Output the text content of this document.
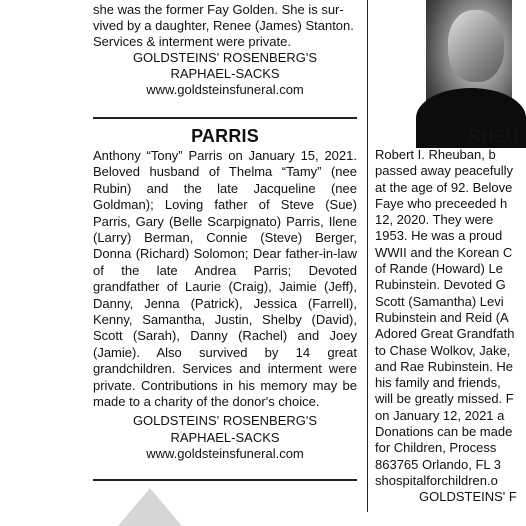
she was the former Fay Golden. She is sur-
vived by a daughter, Renee (James) Stanton.
Services & interment were private.
GOLDSTEINS' ROSENBERG'S
RAPHAEL-SACKS
www.goldsteinsfuneral.com
PARRIS
Anthony “Tony” Parris on January 15, 2021. Beloved husband of Thelma “Tamy” (nee Rubin) and the late Jacqueline (nee Goldman); Loving father of Steve (Sue) Parris, Gary (Belle Scarpignato) Parris, Ilene (Larry) Berman, Connie (Steve) Berger, Donna (Richard) Solomon; Dear father-in-law of the late Andrea Parris; Devoted grandfather of Laurie (Craig), Jaimie (Jeff), Danny, Jenna (Patrick), Jessica (Farrell), Kenny, Samantha, Justin, Shelby (David), Scott (Sarah), Danny (Rachel) and Joey (Jamie). Also survived by 14 great grandchildren. Services and interment were private. Contributions in his memory may be made to a charity of the donor's choice.
GOLDSTEINS' ROSENBERG'S
RAPHAEL-SACKS
www.goldsteinsfuneral.com
RHEU
Robert I. Rheuban, b
passed away peacefully
at the age of 92. Belove
Faye who preceeded h
12, 2020. They were
1953. He was a proud
WWII and the Korean C
of Rande (Howard) Le
Rubinstein. Devoted G
Scott (Samantha) Levi
Rubinstein and Reid (A
Adored Great Grandfath
to Chase Wolkov, Jake,
and Rae Rubinstein. He
his family and friends,
will be greatly missed. F
on January 12, 2021 a
Donations can be made
for Children, Process
863765 Orlando, FL 3
shospitalforchildren.o
GOLDSTEINS' F
